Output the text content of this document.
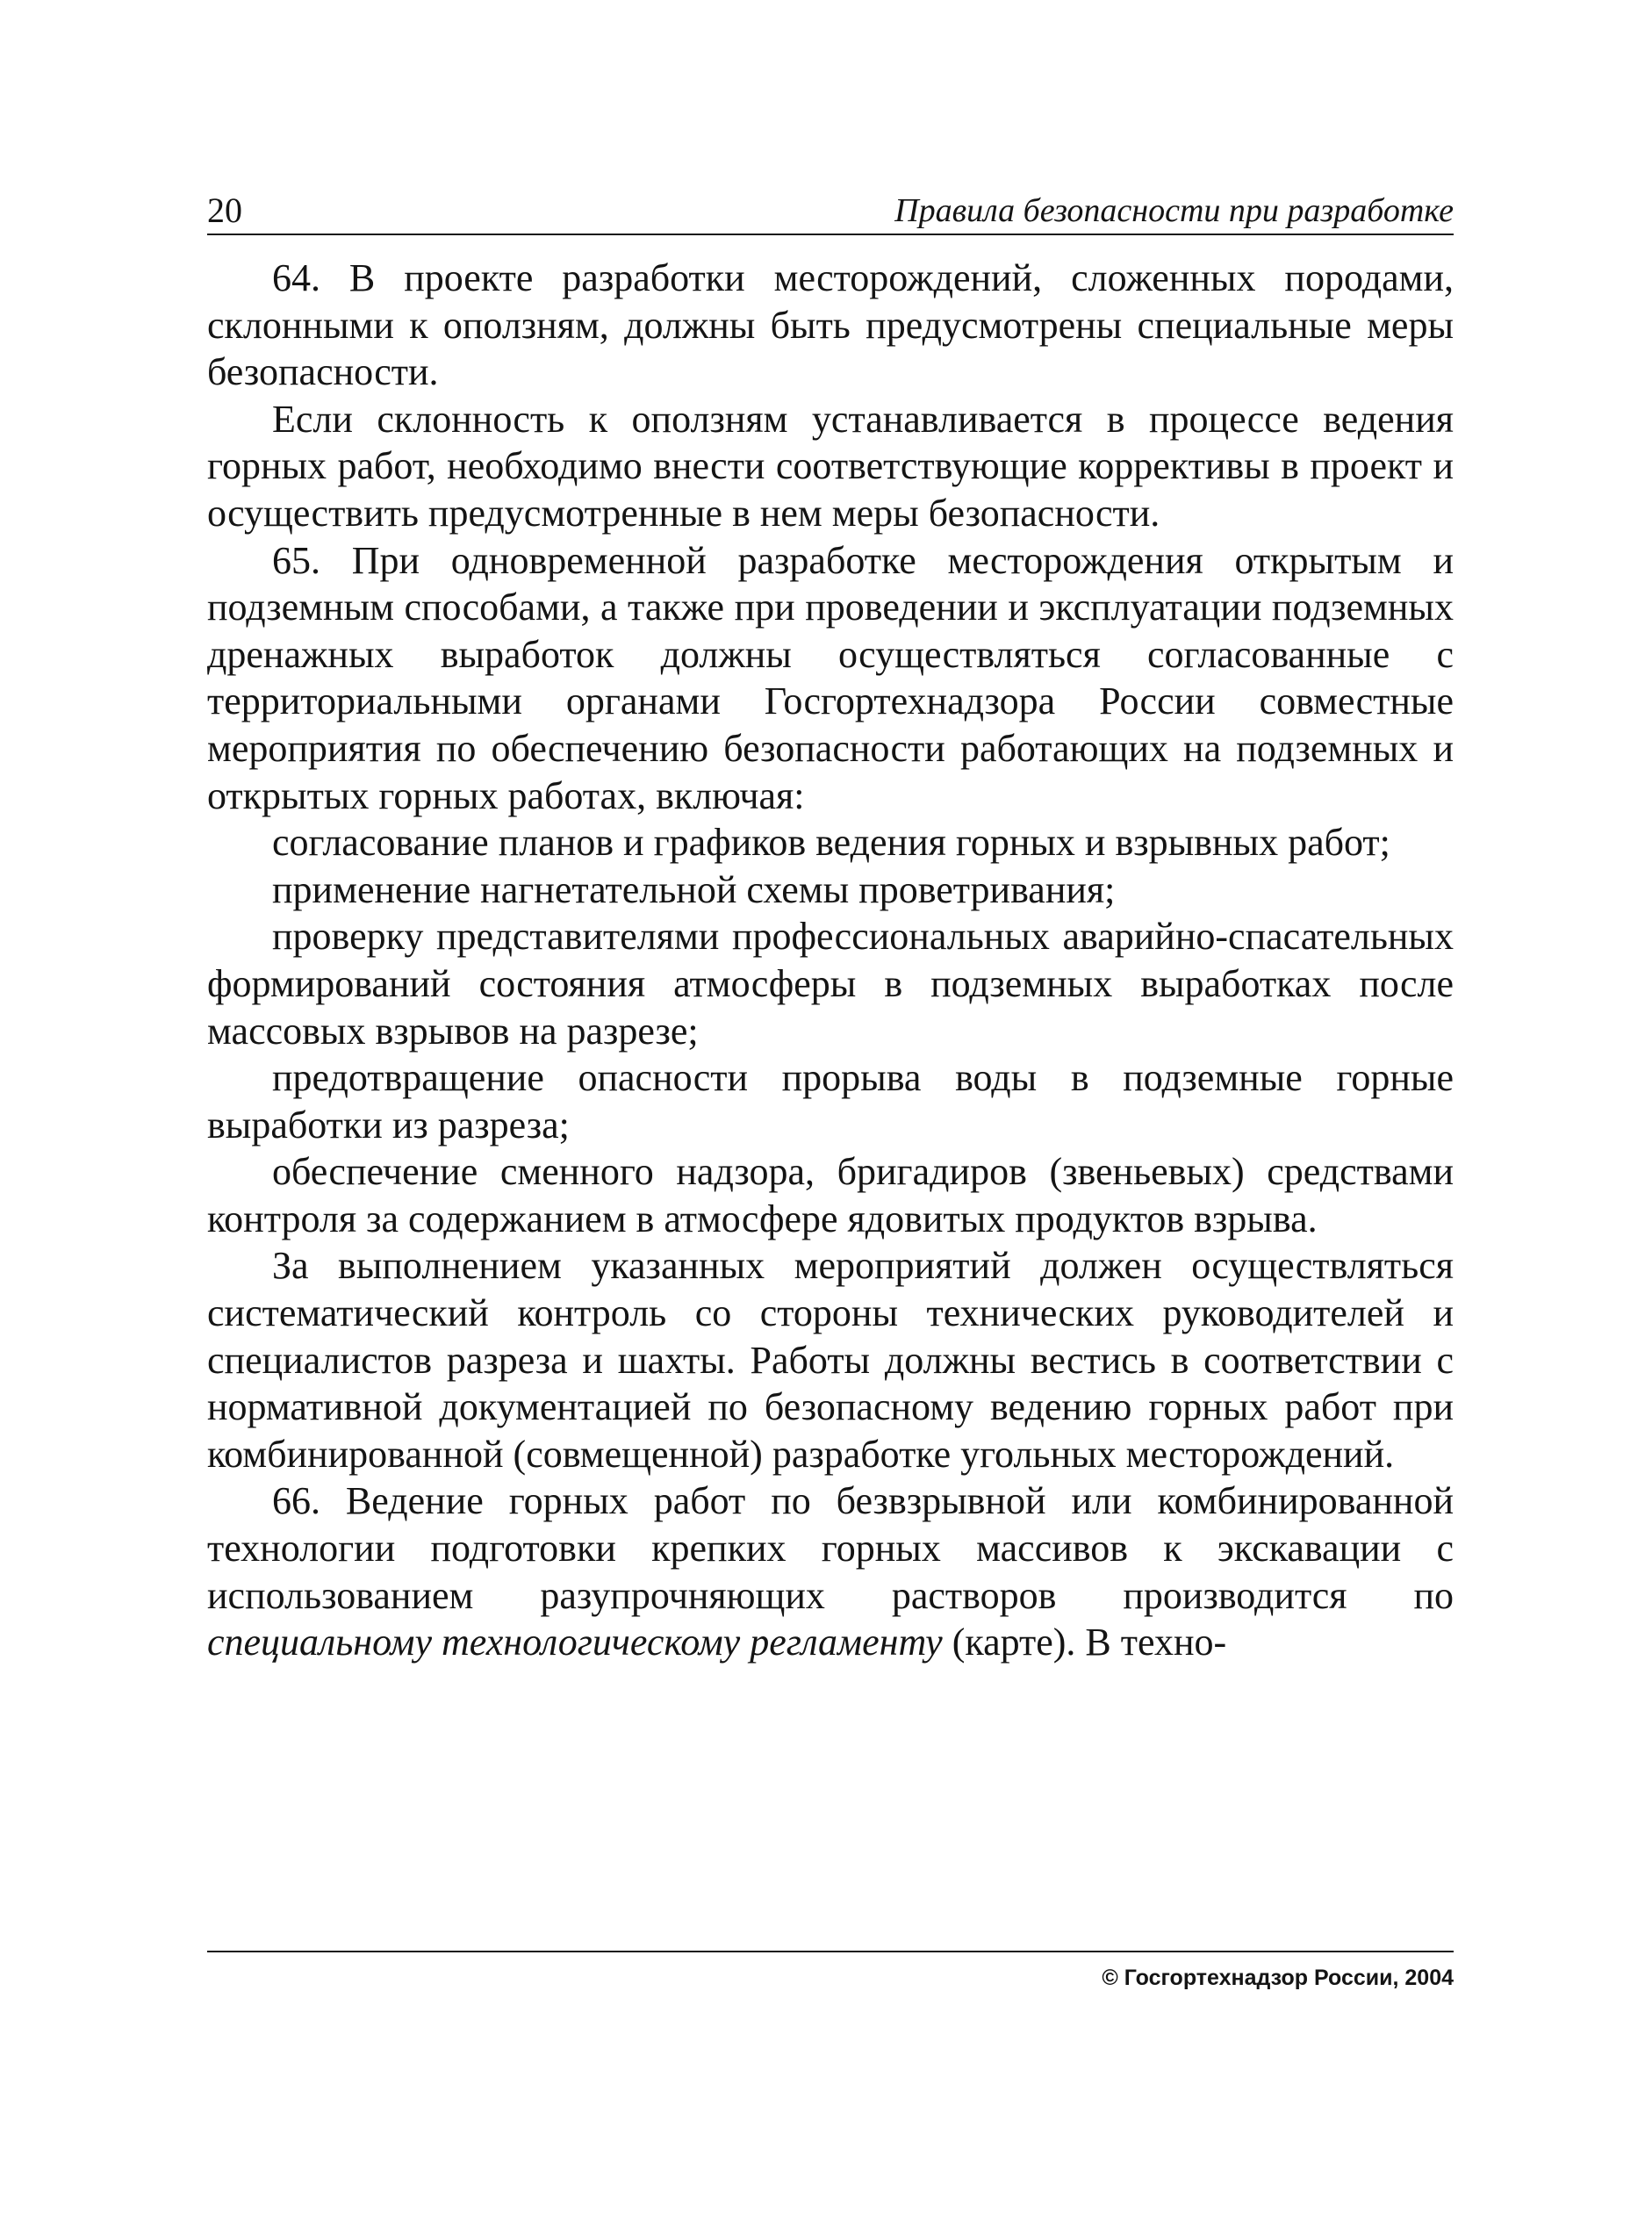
20	Правила безопасности при разработке

64. В проекте разработки месторождений, сложенных породами, склонными к оползням, должны быть предусмотрены специальные меры безопасности.

Если склонность к оползням устанавливается в процессе ведения горных работ, необходимо внести соответствующие коррективы в проект и осуществить предусмотренные в нем меры безопасности.

65. При одновременной разработке месторождения открытым и подземным способами, а также при проведении и эксплуатации подземных дренажных выработок должны осуществляться согласованные с территориальными органами Госгортехнадзора России совместные мероприятия по обеспечению безопасности работающих на подземных и открытых горных работах, включая:

согласование планов и графиков ведения горных и взрывных работ;

применение нагнетательной схемы проветривания;

проверку представителями профессиональных аварийно-спасательных формирований состояния атмосферы в подземных выработках после массовых взрывов на разрезе;

предотвращение опасности прорыва воды в подземные горные выработки из разреза;

обеспечение сменного надзора, бригадиров (звеньевых) средствами контроля за содержанием в атмосфере ядовитых продуктов взрыва.

За выполнением указанных мероприятий должен осуществляться систематический контроль со стороны технических руководителей и специалистов разреза и шахты. Работы должны вестись в соответствии с нормативной документацией по безопасному ведению горных работ при комбинированной (совмещенной) разработке угольных месторождений.

66. Ведение горных работ по безвзрывной или комбинированной технологии подготовки крепких горных массивов к экскавации с использованием разупрочняющих растворов производится по специальному технологическому регламенту (карте). В техно-

© Госгортехнадзор России, 2004
